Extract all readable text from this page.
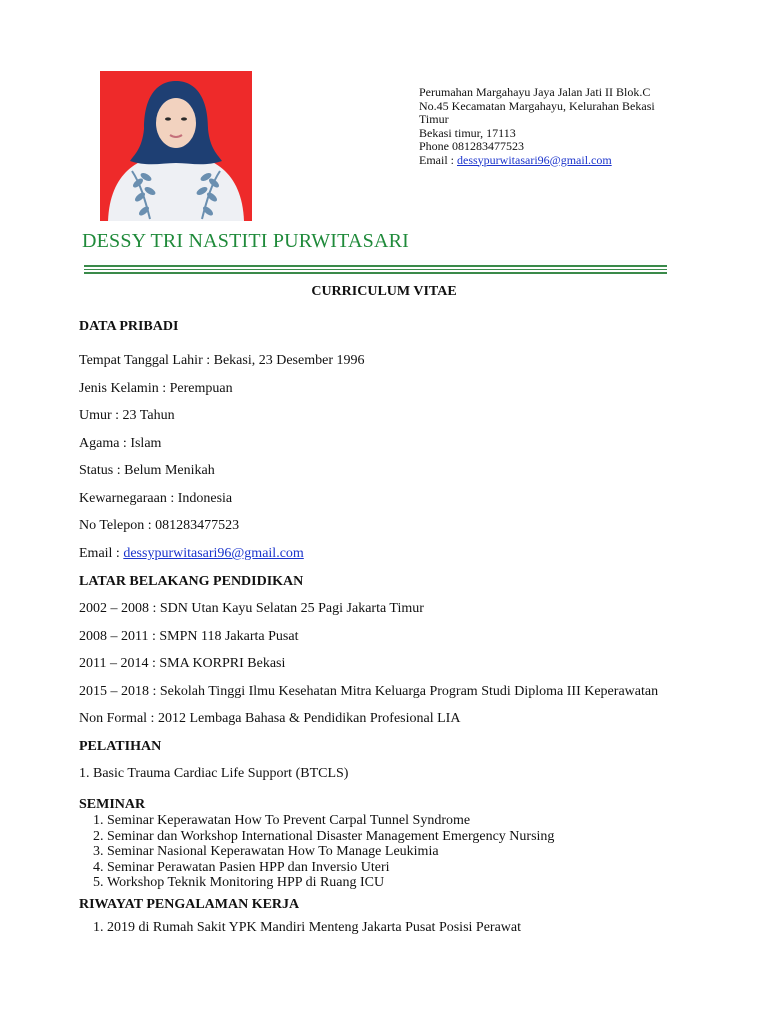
Perumahan Margahayu Jaya Jalan Jati II Blok.C
No.45 Kecamatan Margahayu, Kelurahan Bekasi
Timur
Bekasi timur, 17113
Phone 081283477523
Email : dessypurwitasari96@gmail.com
DESSY TRI NASTITI PURWITASARI
CURRICULUM VITAE
DATA PRIBADI
Tempat Tanggal Lahir : Bekasi, 23 Desember 1996
Jenis Kelamin : Perempuan
Umur : 23 Tahun
Agama : Islam
Status : Belum Menikah
Kewarnegaraan : Indonesia
No Telepon : 081283477523
Email : dessypurwitasari96@gmail.com
LATAR BELAKANG PENDIDIKAN
2002 – 2008 : SDN Utan Kayu Selatan 25 Pagi Jakarta Timur
2008 – 2011 : SMPN 118 Jakarta Pusat
2011 – 2014 : SMA KORPRI Bekasi
2015 – 2018 : Sekolah Tinggi Ilmu Kesehatan Mitra Keluarga Program Studi Diploma III Keperawatan
Non Formal : 2012 Lembaga Bahasa & Pendidikan Profesional LIA
PELATIHAN
1. Basic Trauma Cardiac Life Support (BTCLS)
SEMINAR
1. Seminar Keperawatan How To Prevent Carpal Tunnel Syndrome
2. Seminar dan Workshop International Disaster Management Emergency Nursing
3. Seminar Nasional Keperawatan How To Manage Leukimia
4. Seminar Perawatan Pasien HPP dan Inversio Uteri
5. Workshop Teknik Monitoring HPP di Ruang ICU
RIWAYAT PENGALAMAN KERJA
1. 2019 di Rumah Sakit YPK Mandiri Menteng Jakarta Pusat Posisi Perawat
